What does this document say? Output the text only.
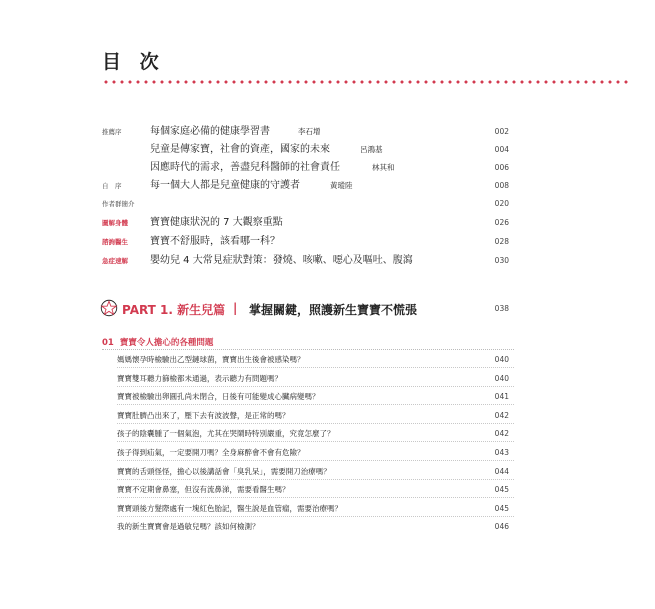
目 次
推薦序	每個家庭必備的健康學習書	李石增	002
兒童是傳家寶，社會的資產，國家的未來	呂鴻基	004
因應時代的需求，善盡兒科醫師的社會責任	林其和	006
自　序	每一個大人都是兒童健康的守護者	黃瑽陸	008
作者群簡介	020
圖解身體	寶寶健康狀況的 7 大觀察重點	026
諮詢醫生	寶寶不舒服時，該看哪一科？	028
急症速解	嬰幼兒 4 大常見症狀對策：發燒、咳嗽、噁心及嘔吐、腹瀉	030
PART 1. 新生兒篇 | 掌握關鍵，照護新生寶寶不慌張	038
01 寶寶令人擔心的各種問題
媽媽懷孕時檢驗出乙型鏈球菌，寶寶出生後會被感染嗎？	040
寶寶雙耳聽力篩檢都未通過，表示聽力有問題嗎？	040
寶寶被檢驗出卵圓孔尚未閉合，日後有可能變成心臟病變嗎？	041
寶寶肚臍凸出來了，壓下去有波波聲，是正常的嗎？	042
孩子的陰囊腫了一個氣泡，尤其在哭鬧時特別嚴重，究竟怎麼了？	042
孩子得到疝氣，一定要開刀嗎？全身麻醉會不會有危險？	043
寶寶的舌頭怪怪，擔心以後講話會「臭乳呆」，需要開刀治療嗎？	044
寶寶不定期會鼻塞，但沒有流鼻涕，需要看醫生嗎？	045
寶寶頭後方髮際處有一塊紅色胎記，醫生說是血管瘤，需要治療嗎？	045
我的新生寶寶會是過敏兒嗎？該如何檢測？	046
